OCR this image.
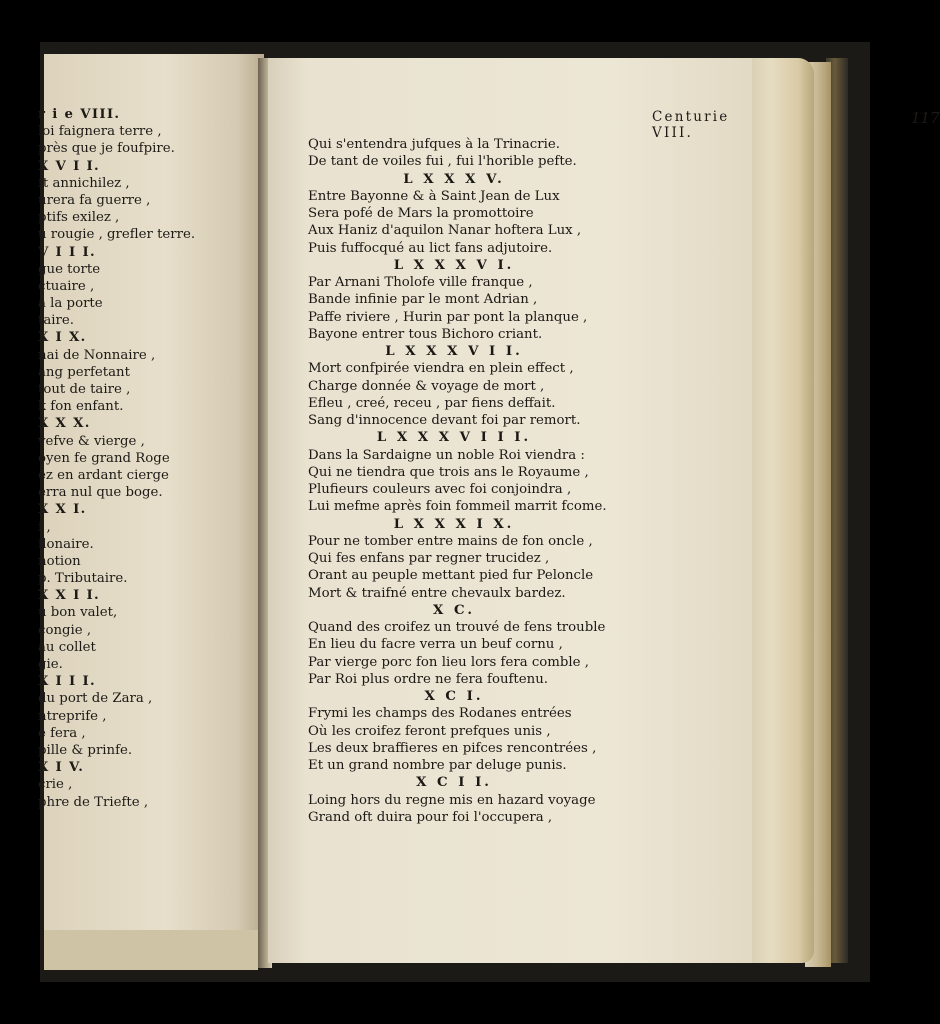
r i e VIII.
loi faignera terre ,
près que je foufpire.
X V I I.
ft annichilez ,
urera fa guerre ,
ptifs exilez ,
u rougie , grefler terre.
V I I I.
gue torte
ctuaire ,
a la porte
taire.
X I X.
nai de Nonnaire ,
ang perfetant
tout de taire ,
k fon enfant.
X X X.
vefve & vierge ,
oyen fe grand Roge
ez en ardant cierge
erra nul que boge.
X X I.
i ,
ilonaire.
notion
p. Tributaire.
X X I I.
u bon valet,
congie ,
au collet
gie.
X I I I.
du port de Zara ,
ntreprife ,
e fera ,
pille & prinfe.
X I V.
crie ,
phre de Triefte ,
Centurie VIII.
117
Qui s'entendra jufques à la Trinacrie.
De tant de voiles fui , fui l'horible pefte.
L X X X V.
Entre Bayonne & à Saint Jean de Lux
Sera pofé de Mars la promottoire
Aux Haniz d'aquilon Nanar hoftera Lux ,
Puis fuffocqué au lict fans adjutoire.
L X X X V I.
Par Arnani Tholofe ville franque ,
Bande infinie par le mont Adrian ,
Paffe riviere , Hurin par pont la planque ,
Bayone entrer tous Bichoro criant.
L X X X V I I.
Mort confpirée viendra en plein effect ,
Charge donnée & voyage de mort ,
Efleu , creé, receu , par fiens deffait.
Sang d'innocence devant foi par remort.
L X X X V I I I.
Dans la Sardaigne un noble Roi viendra :
Qui ne tiendra que trois ans le Royaume ,
Plufieurs couleurs avec foi conjoindra ,
Lui mefme après foin fommeil marrit fcome.
L X X X I X.
Pour ne tomber entre mains de fon oncle ,
Qui fes enfans par regner trucidez ,
Orant au peuple mettant pied fur Peloncle
Mort & traifné entre chevaulx bardez.
X C.
Quand des croifez un trouvé de fens trouble
En lieu du facre verra un beuf cornu ,
Par vierge porc fon lieu lors fera comble ,
Par Roi plus ordre ne fera fouftenu.
X C I.
Frymi les champs des Rodanes entrées
Où les croifez feront prefques unis ,
Les deux braffieres en pifces rencontrées ,
Et un grand nombre par deluge punis.
X C I I.
Loing hors du regne mis en hazard voyage
Grand oft duira pour foi l'occupera ,
